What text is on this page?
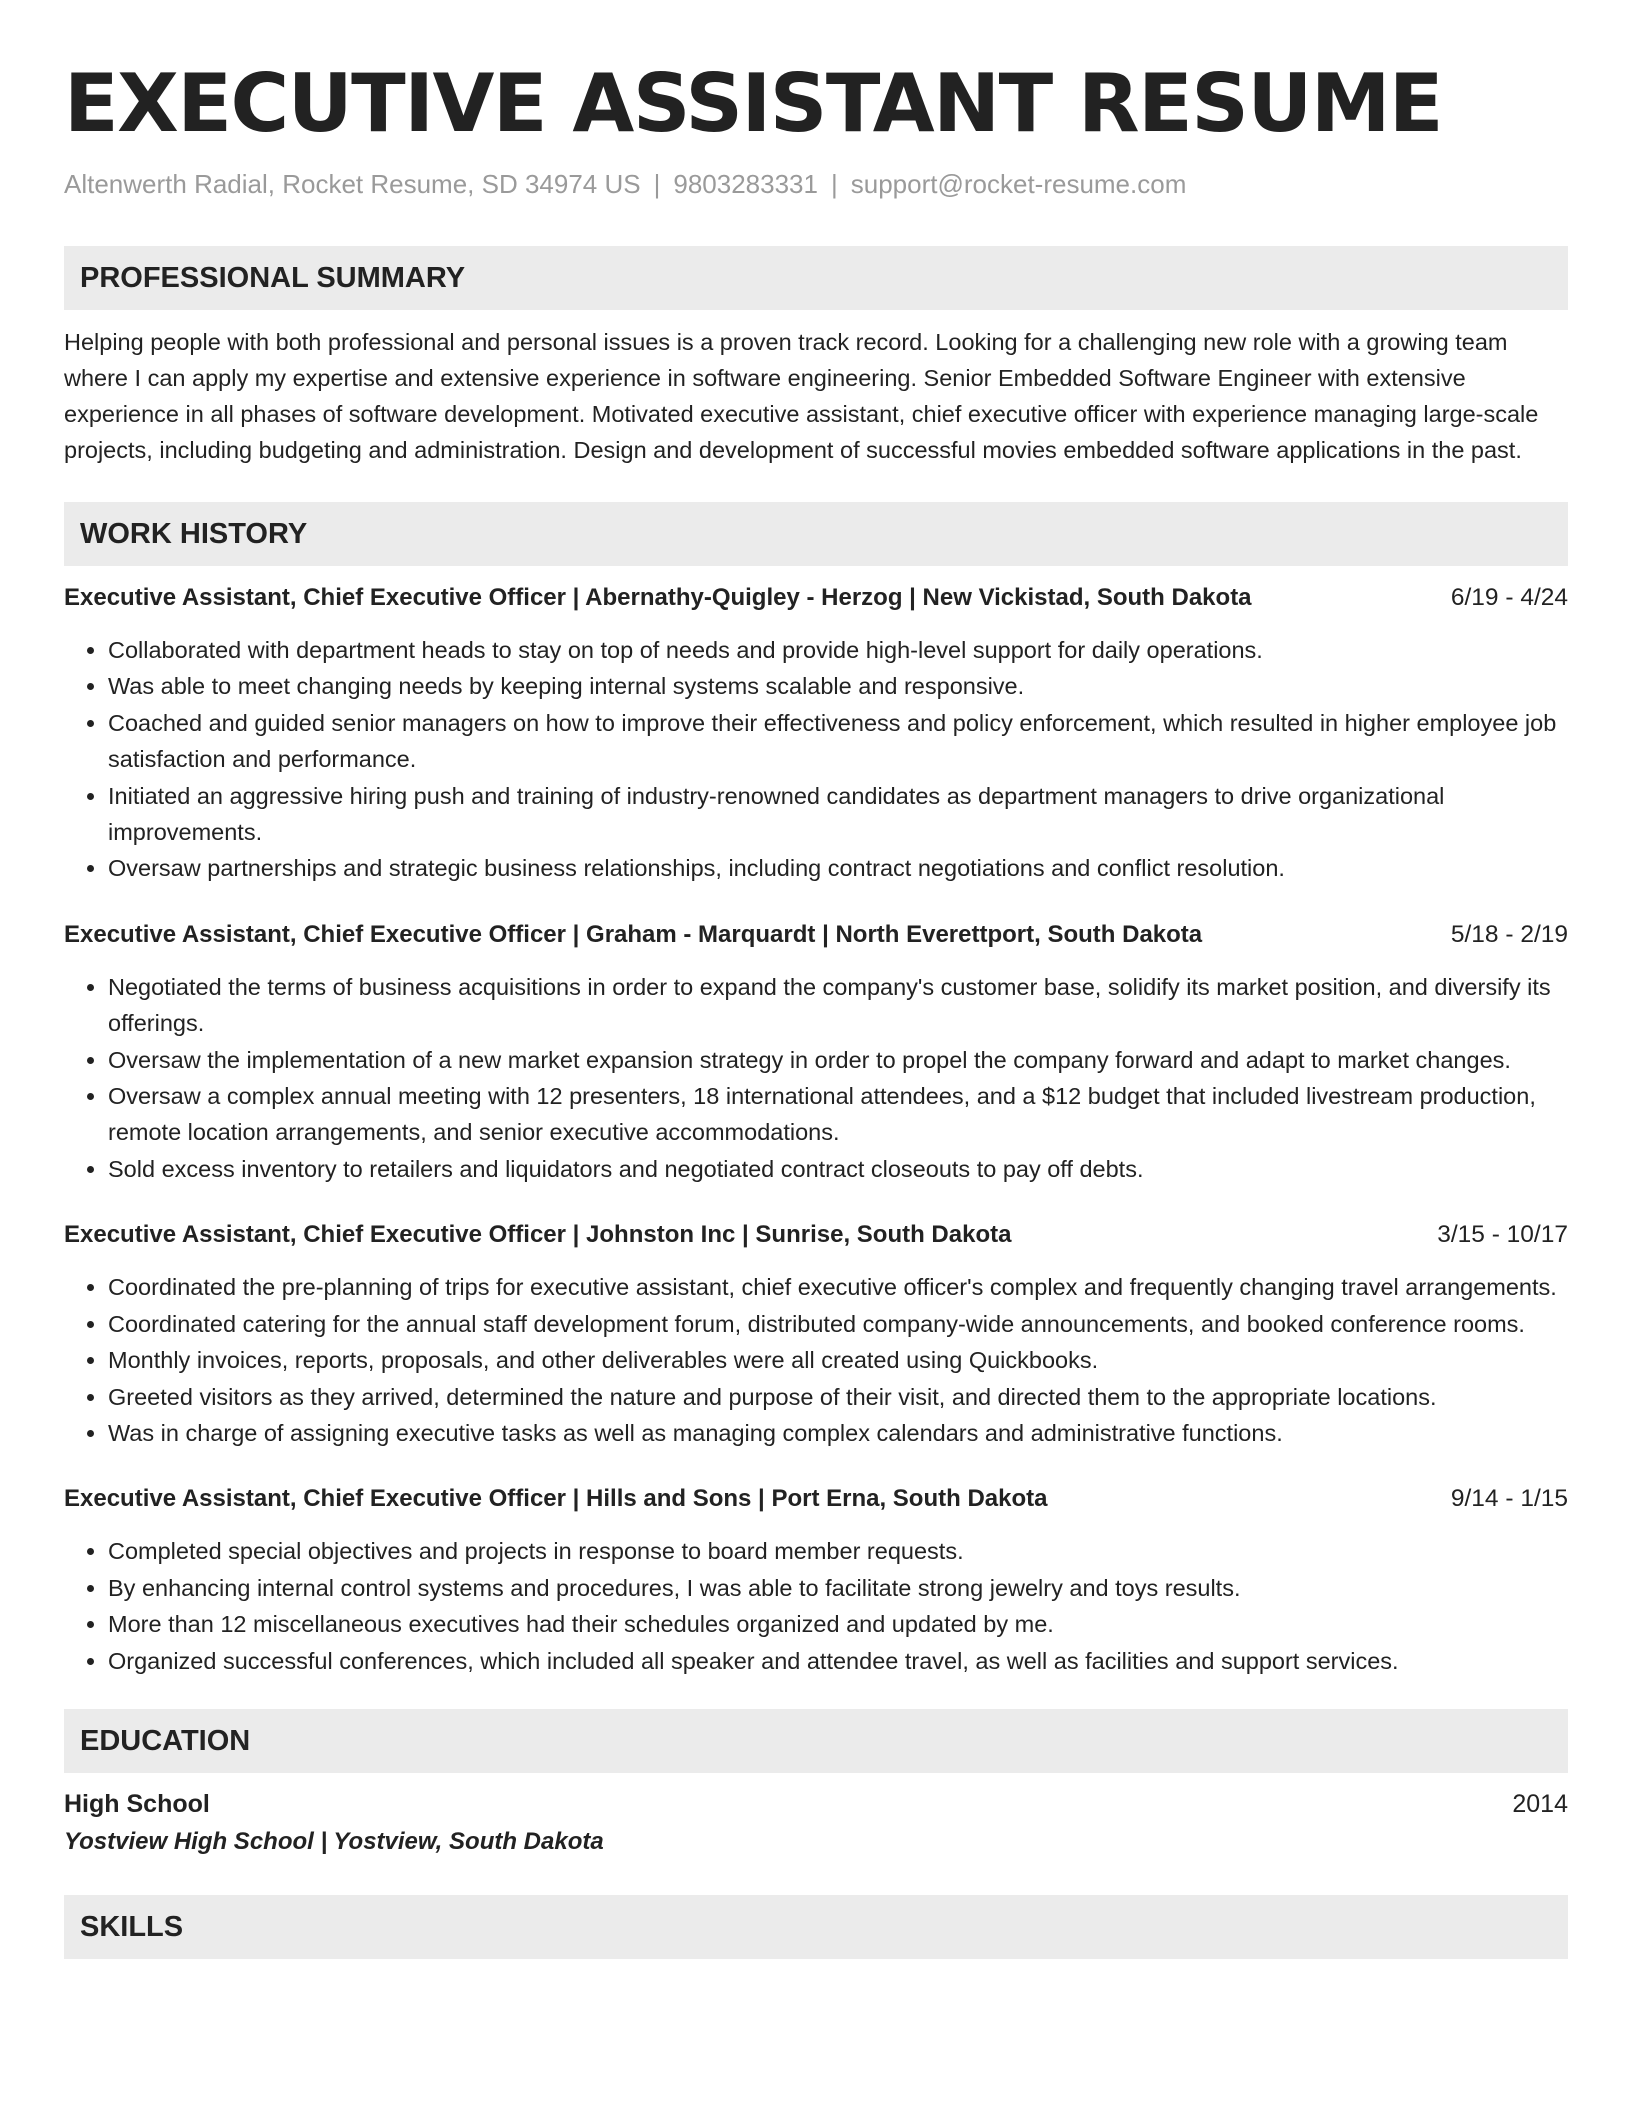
EXECUTIVE ASSISTANT RESUME
Altenwerth Radial, Rocket Resume, SD 34974 US | 9803283331 | support@rocket-resume.com
PROFESSIONAL SUMMARY
Helping people with both professional and personal issues is a proven track record. Looking for a challenging new role with a growing team where I can apply my expertise and extensive experience in software engineering. Senior Embedded Software Engineer with extensive experience in all phases of software development. Motivated executive assistant, chief executive officer with experience managing large-scale projects, including budgeting and administration. Design and development of successful movies embedded software applications in the past.
WORK HISTORY
Executive Assistant, Chief Executive Officer | Abernathy-Quigley - Herzog | New Vickistad, South Dakota	6/19 - 4/24
• Collaborated with department heads to stay on top of needs and provide high-level support for daily operations.
• Was able to meet changing needs by keeping internal systems scalable and responsive.
• Coached and guided senior managers on how to improve their effectiveness and policy enforcement, which resulted in higher employee job satisfaction and performance.
• Initiated an aggressive hiring push and training of industry-renowned candidates as department managers to drive organizational improvements.
• Oversaw partnerships and strategic business relationships, including contract negotiations and conflict resolution.
Executive Assistant, Chief Executive Officer | Graham - Marquardt | North Everettport, South Dakota	5/18 - 2/19
• Negotiated the terms of business acquisitions in order to expand the company's customer base, solidify its market position, and diversify its offerings.
• Oversaw the implementation of a new market expansion strategy in order to propel the company forward and adapt to market changes.
• Oversaw a complex annual meeting with 12 presenters, 18 international attendees, and a $12 budget that included livestream production, remote location arrangements, and senior executive accommodations.
• Sold excess inventory to retailers and liquidators and negotiated contract closeouts to pay off debts.
Executive Assistant, Chief Executive Officer | Johnston Inc | Sunrise, South Dakota	3/15 - 10/17
• Coordinated the pre-planning of trips for executive assistant, chief executive officer's complex and frequently changing travel arrangements.
• Coordinated catering for the annual staff development forum, distributed company-wide announcements, and booked conference rooms.
• Monthly invoices, reports, proposals, and other deliverables were all created using Quickbooks.
• Greeted visitors as they arrived, determined the nature and purpose of their visit, and directed them to the appropriate locations.
• Was in charge of assigning executive tasks as well as managing complex calendars and administrative functions.
Executive Assistant, Chief Executive Officer | Hills and Sons | Port Erna, South Dakota	9/14 - 1/15
• Completed special objectives and projects in response to board member requests.
• By enhancing internal control systems and procedures, I was able to facilitate strong jewelry and toys results.
• More than 12 miscellaneous executives had their schedules organized and updated by me.
• Organized successful conferences, which included all speaker and attendee travel, as well as facilities and support services.
EDUCATION
High School	2014
Yostview High School | Yostview, South Dakota
SKILLS
